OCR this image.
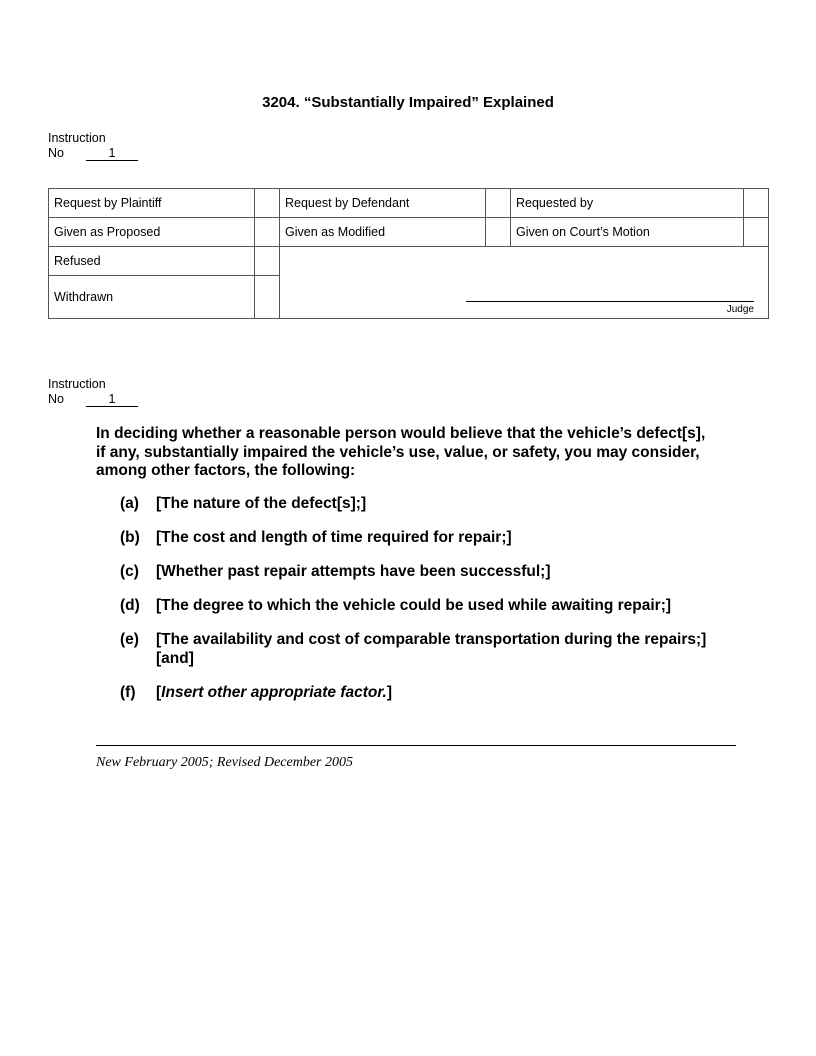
3204. “Substantially Impaired” Explained
Instruction
No	1
Request by Plaintiff		Request by Defendant		Requested by	
Given as Proposed		Given as Modified		Given on Court’s Motion	
Refused		Judge			

Withdrawn					
Instruction
No	1
In deciding whether a reasonable person would believe that the vehicle’s defect[s], if any, substantially impaired the vehicle’s use, value, or safety, you may consider, among other factors, the following:
(a)	[The nature of the defect[s];]
(b)	[The cost and length of time required for repair;]
(c)	[Whether past repair attempts have been successful;]
(d)	[The degree to which the vehicle could be used while awaiting repair;]
(e)	[The availability and cost of comparable transportation during the repairs;] [and]
(f)	[Insert other appropriate factor.]
New February 2005; Revised December 2005
